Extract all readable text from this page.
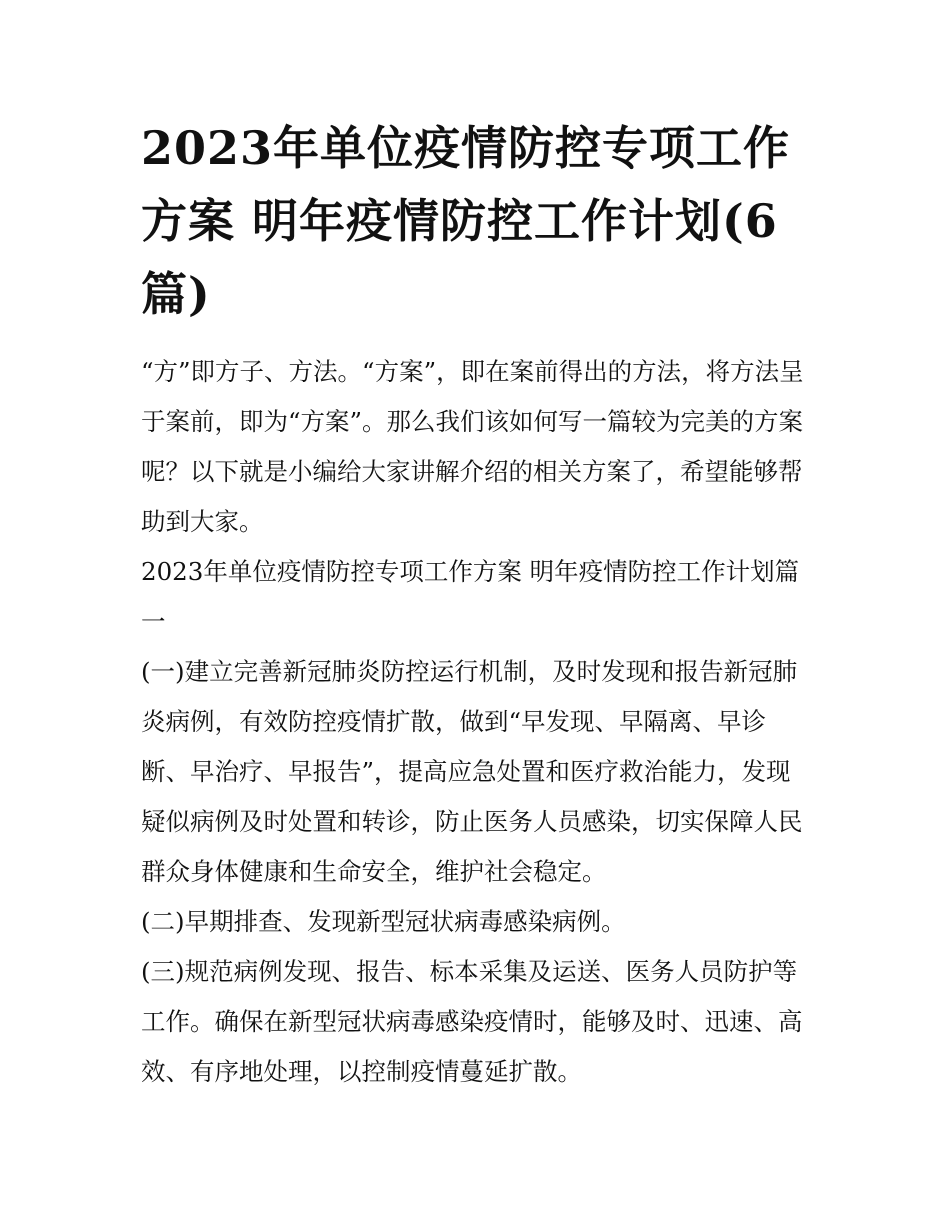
2023年单位疫情防控专项工作
方案 明年疫情防控工作计划(6
篇)

“方”即方子、方法。“方案”，即在案前得出的方法，将方法呈
于案前，即为“方案”。那么我们该如何写一篇较为完美的方案
呢？以下就是小编给大家讲解介绍的相关方案了，希望能够帮
助到大家。

2023年单位疫情防控专项工作方案 明年疫情防控工作计划篇
一

(一)建立完善新冠肺炎防控运行机制，及时发现和报告新冠肺
炎病例，有效防控疫情扩散，做到“早发现、早隔离、早诊
断、早治疗、早报告”，提高应急处置和医疗救治能力，发现
疑似病例及时处置和转诊，防止医务人员感染，切实保障人民
群众身体健康和生命安全，维护社会稳定。

(二)早期排查、发现新型冠状病毒感染病例。

(三)规范病例发现、报告、标本采集及运送、医务人员防护等
工作。确保在新型冠状病毒感染疫情时，能够及时、迅速、高
效、有序地处理，以控制疫情蔓延扩散。
